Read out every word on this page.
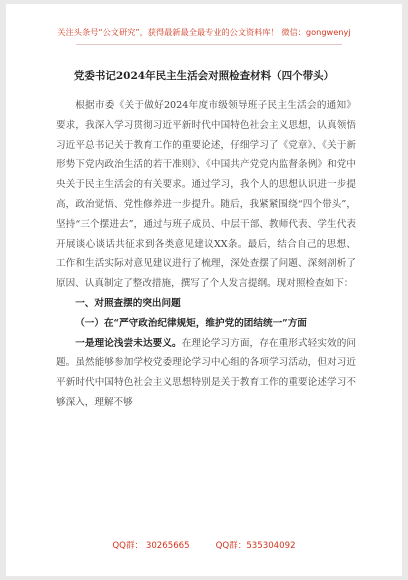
关注头条号“公文研究”，获得最新最全最专业的公文资料库！ 微信：gongwenyj
党委书记2024年民主生活会对照检查材料（四个带头）

根据市委《关于做好2024年度市级领导班子民主生活会的通知》要求，我深入学习贯彻习近平新时代中国特色社会主义思想，认真领悟习近平总书记关于教育工作的重要论述，仔细学习了《党章》、《关于新形势下党内政治生活的若干准则》、《中国共产党党内监督条例》和党中央关于民主生活会的有关要求。通过学习，我个人的思想认识进一步提高，政治觉悟、党性修养进一步提升。随后，我紧紧围绕“四个带头”，坚持“三个摆进去”，通过与班子成员、中层干部、教师代表、学生代表开展谈心谈话共征求到各类意见建议XX条。最后，结合自己的思想、工作和生活实际对意见建议进行了梳理，深处查摆了问题、深刻剖析了原因、认真制定了整改措施，撰写了个人发言提纲。现对照检查如下：

一、对照查摆的突出问题

（一）在“严守政治纪律规矩，维护党的团结统一”方面

一是理论浅尝未达要义。在理论学习方面，存在重形式轻实效的问题。虽然能够参加学校党委理论学习中心组的各项学习活动，但对习近平新时代中国特色社会主义思想特别是关于教育工作的重要论述学习不够深入，理解不够

QQ群： 30265665	QQ群：535304092
